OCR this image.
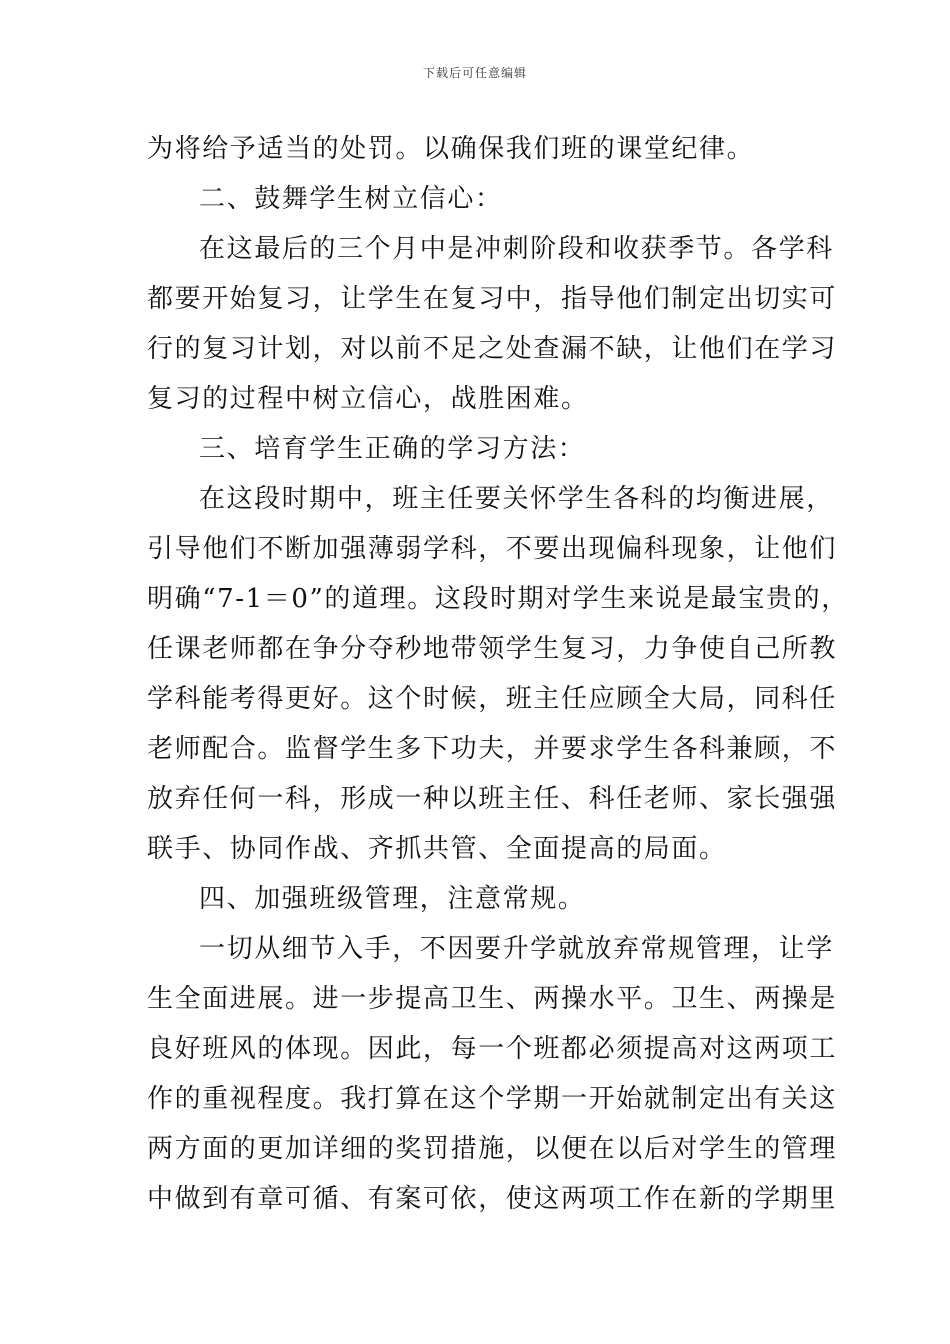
下载后可任意编辑
为将给予适当的处罚。以确保我们班的课堂纪律。
二、鼓舞学生树立信心：
在这最后的三个月中是冲刺阶段和收获季节。各学科
都要开始复习，让学生在复习中，指导他们制定出切实可
行的复习计划，对以前不足之处查漏不缺，让他们在学习
复习的过程中树立信心，战胜困难。
三、培育学生正确的学习方法：
在这段时期中，班主任要关怀学生各科的均衡进展，
引导他们不断加强薄弱学科，不要出现偏科现象，让他们
明确“7-1＝0”的道理。这段时期对学生来说是最宝贵的，
任课老师都在争分夺秒地带领学生复习，力争使自己所教
学科能考得更好。这个时候，班主任应顾全大局，同科任
老师配合。监督学生多下功夫，并要求学生各科兼顾，不
放弃任何一科，形成一种以班主任、科任老师、家长强强
联手、协同作战、齐抓共管、全面提高的局面。
四、加强班级管理，注意常规。
一切从细节入手，不因要升学就放弃常规管理，让学
生全面进展。进一步提高卫生、两操水平。卫生、两操是
良好班风的体现。因此，每一个班都必须提高对这两项工
作的重视程度。我打算在这个学期一开始就制定出有关这
两方面的更加详细的奖罚措施，以便在以后对学生的管理
中做到有章可循、有案可依，使这两项工作在新的学期里
